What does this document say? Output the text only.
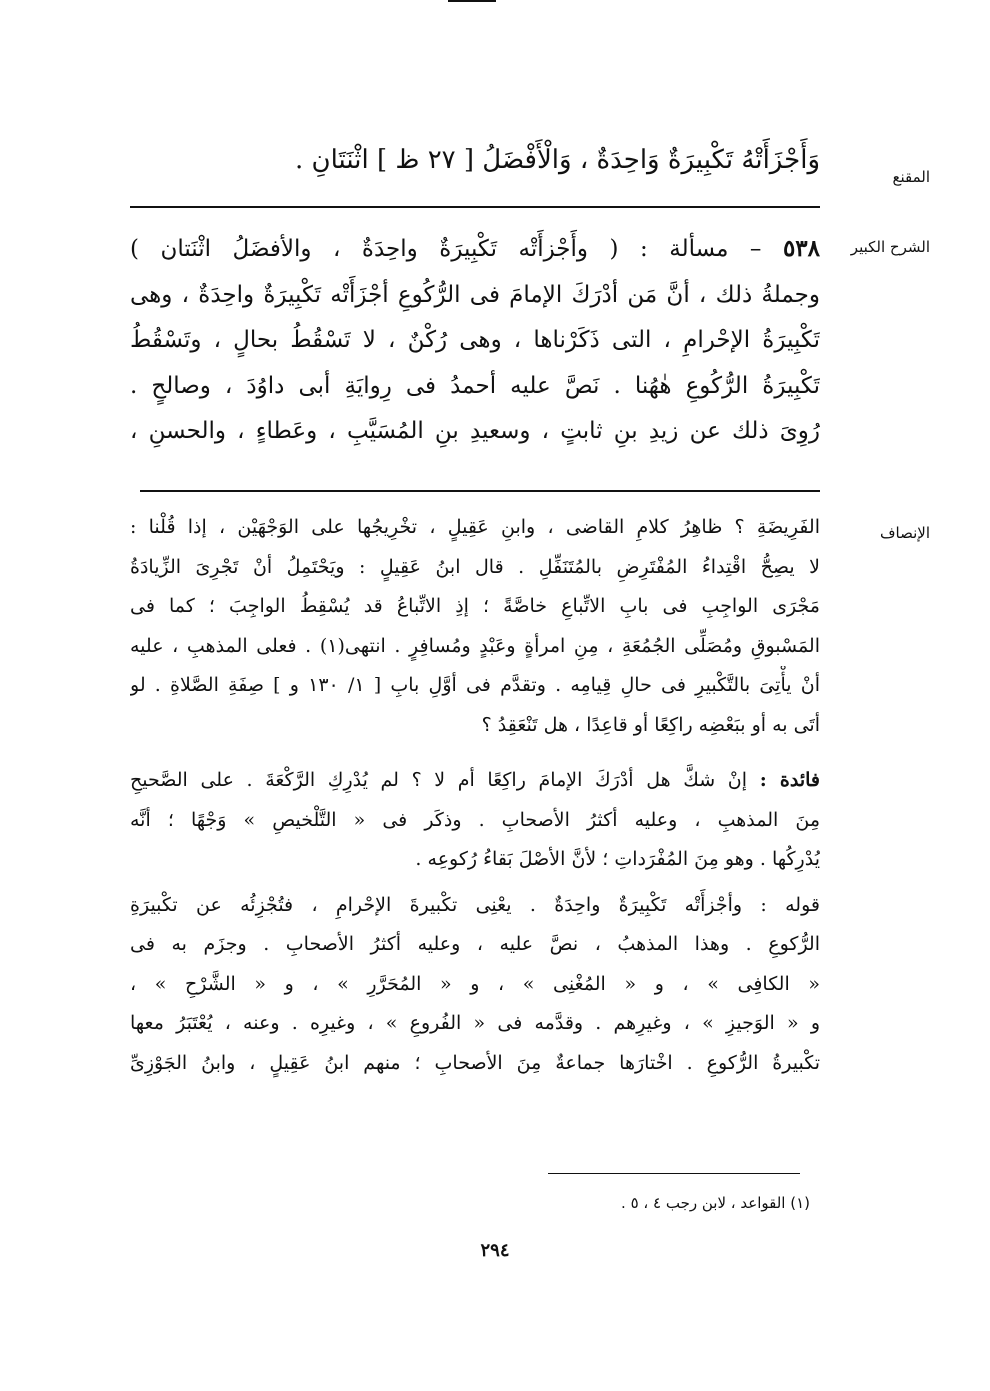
المقنع
وَأَجْزَأَتْهُ تَكْبِيرَةٌ وَاحِدَةٌ ، وَالْأَفْضَلُ [ ٢٧ ظ ] اثْنَتَانِ .
الشرح الكبير
٥٣٨ – مسألة : ( وأَجْزأَتْه تَكْبِيرَةٌ واحِدَةٌ ، والأفضَلُ اثْنَتان )
وجملةُ ذلك ، أنَّ مَن أدْرَكَ الإمامَ فى الرُّكُوعِ أجْزَأَتْه تَكْبِيرَةٌ واحِدَةٌ ، وهى
تَكْبِيرَةُ الإحْرامِ ، التى ذَكَرْناها ، وهى رُكْنٌ ، لا تَسْقُطُ بحالٍ ، وتَسْقُطُ
تَكْبِيرَةُ الرُّكُوعِ هٰهُنا . نَصَّ عليه أحمدُ فى رِوايَةِ أبى داوُدَ ، وصالحٍ .
رُوِىَ ذلك عن زيدِ بنِ ثابتٍ ، وسعيدِ بنِ المُسَيَّبِ ، وعَطاءٍ ، والحسنِ ،
الإنصاف
الفَرِيضَةِ ؟ ظاهِرُ كلامِ القاضى ، وابنِ عَقِيلٍ ، تخْرِيجُها على الوَجْهَيْن ، إذا قُلْنا :
لا يصِحُّ اقْتِداءُ المُفْتَرِضِ بالمُتَنَفِّلِ . قال ابنُ عَقِيلٍ : ويَحْتَمِلُ أنْ تَجْرِىَ الزِّيادَةُ
مَجْرَى الواجِبِ فى بابِ الاتِّباعِ خاصَّةً ؛ إذِ الاتِّباعُ قد يُسْقِطُ الواجِبَ ؛ كما فى
المَسْبوقِ ومُصَلِّى الجُمُعَةِ ، مِنِ امرأةٍ وعَبْدٍ ومُسافِرٍ . انتهى(١) . فعلى المذهبِ ، عليه
أنْ يأْتِىَ بالتَّكْبيرِ فى حالِ قِيامِه . وتقدَّم فى أوَّلِ بابِ [ ١/ ١٣٠ و ] صِفَةِ الصَّلاةِ . لو
أتَى به أو ببَعْضِه راكِعًا أو قاعِدًا ، هل تَنْعَقِدُ ؟
فائدة : إنْ شكَّ هل أدْرَكَ الإمامَ راكِعًا أم لا ؟ لم يُدْرِكِ الرَّكْعَةَ . على الصَّحيحِ
مِنَ المذهبِ ، وعليه أكثرُ الأصحابِ . وذكَر فى « التَّلْخيصِ » وَجْهًا ؛ أنَّه
يُدْرِكُها . وهو مِنَ المُفْرَداتِ ؛ لأنَّ الأصْلَ بَقاءُ رُكوعِه .
قوله : وأجْزأَتْه تَكْبِيرَةٌ واحِدَةٌ . يعْنِى تكْبيرةَ الإحْرامِ ، فتُجْزِئُه عن تكْبيرَةِ
الرُّكوعِ . وهذا المذهبُ ، نصَّ عليه ، وعليه أكثرُ الأصحابِ . وجزَم به فى
« الكافِى » ، و « المُغْنِى » ، و « المُحَرَّرِ » ، و « الشَّرْحِ » ،
و « الوَجيزِ » ، وغيرِهم . وقدَّمه فى « الفُروعِ » ، وغيرِه . وعنه ، يُعْتَبَرُ معها
تكْبيرةُ الرُّكوعِ . اخْتارَها جماعةٌ مِنَ الأصحابِ ؛ منهم ابنُ عَقِيلٍ ، وابنُ الجَوْزِىِّ
(١) القواعد ، لابن رجب ٤ ، ٥ .
٢٩٤
